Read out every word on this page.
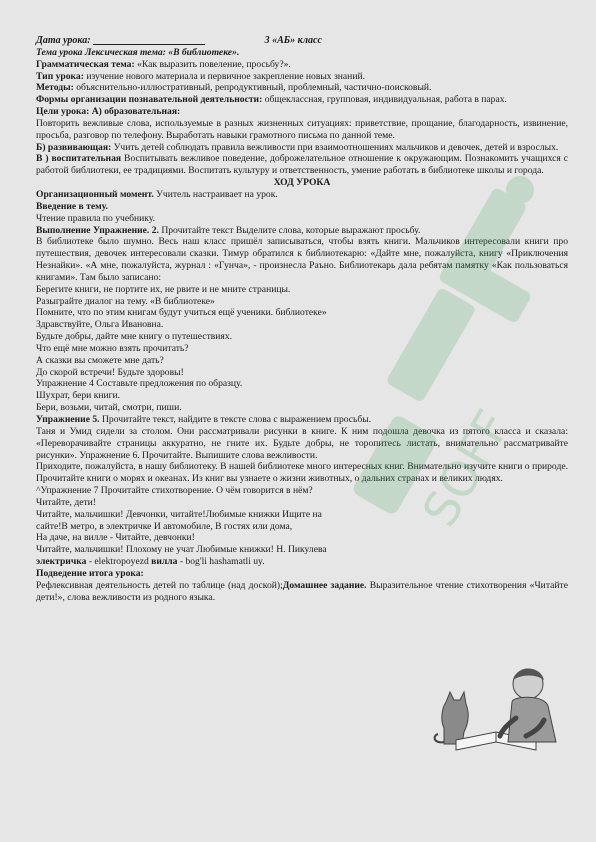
SOFF
Дата урока:	3 «АБ» класс

Тема урока Лексическая тема: «В библиотеке».

Грамматическая тема: «Как выразить повеление, просьбу?».

Тип урока: изучение нового материала и первичное закрепление новых знаний.

Методы: объяснительно-иллюстративный, репродуктивный, проблемный, частично-поисковый.

Формы организации познавательной деятельности: общеклассная, групповая, индивидуальная, работа в парах.

Цели урока: А) образовательная:

Повторить вежливые слова, используемые в разных жизненных ситуациях: приветствие, прощание, благодарность, извинение, просьба, разговор по телефону. Выработать навыки грамотного письма по данной теме.

Б) развивающая: Учить детей соблюдать правила вежливости при взаимоотношениях мальчиков и девочек, детей и взрослых.

В ) воспитательная Воспитывать вежливое поведение, доброжелательное отношение к окружающим. Познакомить учащихся с работой библиотеки, ее традициями. Воспитать культуру и ответственность, умение работать в библиотеке школы и города.

ХОД УРОКА

Организационный момент. Учитель настраивает на урок.

Введение в тему.

Чтение правила по учебнику.

Выполнение Упражнение. 2. Прочитайте текст Выделите слова, которые выражают просьбу.

В библиотеке было шумно. Весь наш класс пришёл записываться, чтобы взять книги. Мальчиков интересовали книги про путешествия, девочек интересовали сказки. Тимур обратился к библиотекарю: «Дайте мне, пожалуйста, книгу «Приключения Незнайки». «А мне, пожалуйста, журнал : «Гунча», - произнесла Раъно. Библиотекарь дала ребятам памятку «Как пользоваться книгами». Там было записано:

Берегите книги, не портите их, не рвите и не мните страницы.

Разыграйте диалог на тему. «В библиотеке»

Помните, что по этим книгам будут учиться ещё ученики. библиотеке»

Здравствуйте, Ольга Ивановна.

Будьте добры, дайте мне книгу о путешествиях.

Что ещё мне можно взять прочитать?

А сказки вы сможете мне дать?

До скорой встречи! Будьте здоровы!

Упражнение 4 Составьте предложения по образцу.

Шухрат, бери книги.

Бери, возьми, читай, смотри, пиши.

Упражнение 5. Прочитайте текст, найдите в тексте слова с выражением просьбы.

Таня и Умид сидели за столом. Они рассматривали рисунки в книге. К ним подошла девочка из пятого класса и сказала: «Переворачивайте страницы аккуратно, не гните их. Будьте добры, не торопитесь листать, внимательно рассматривайте рисунки». Упражнение 6. Прочитайте. Выпишите слова вежливости.

Приходите, пожалуйста, в нашу библиотеку. В нашей библиотеке много интересных книг. Внимательно изучите книги о природе. Прочитайте книги о морях и океанах. Из книг вы узнаете о жизни животных, о дальних странах и великих людях.

^Упражнение 7 Прочитайте стихотворение. О чём говорится в нём?

Читайте, дети!

Читайте, мальчишки! Девчонки, читайте!Любимые книжки Ищите на

сайте!В метро, в электричке И автомобиле, В гостях или дома,

На даче, на вилле - Читайте, девчонки!

Читайте, мальчишки! Плохому не учат Любимые книжки! Н. Пикулева

электричка - elektropoyezd вилла - bog'li hashamatli uy.

Подведение итога урока:

Рефлексивная деятельность детей по таблице (над доской);Домашнее задание. Выразительное чтение стихотворения «Читайте дети!», слова вежливости из родного языка.
